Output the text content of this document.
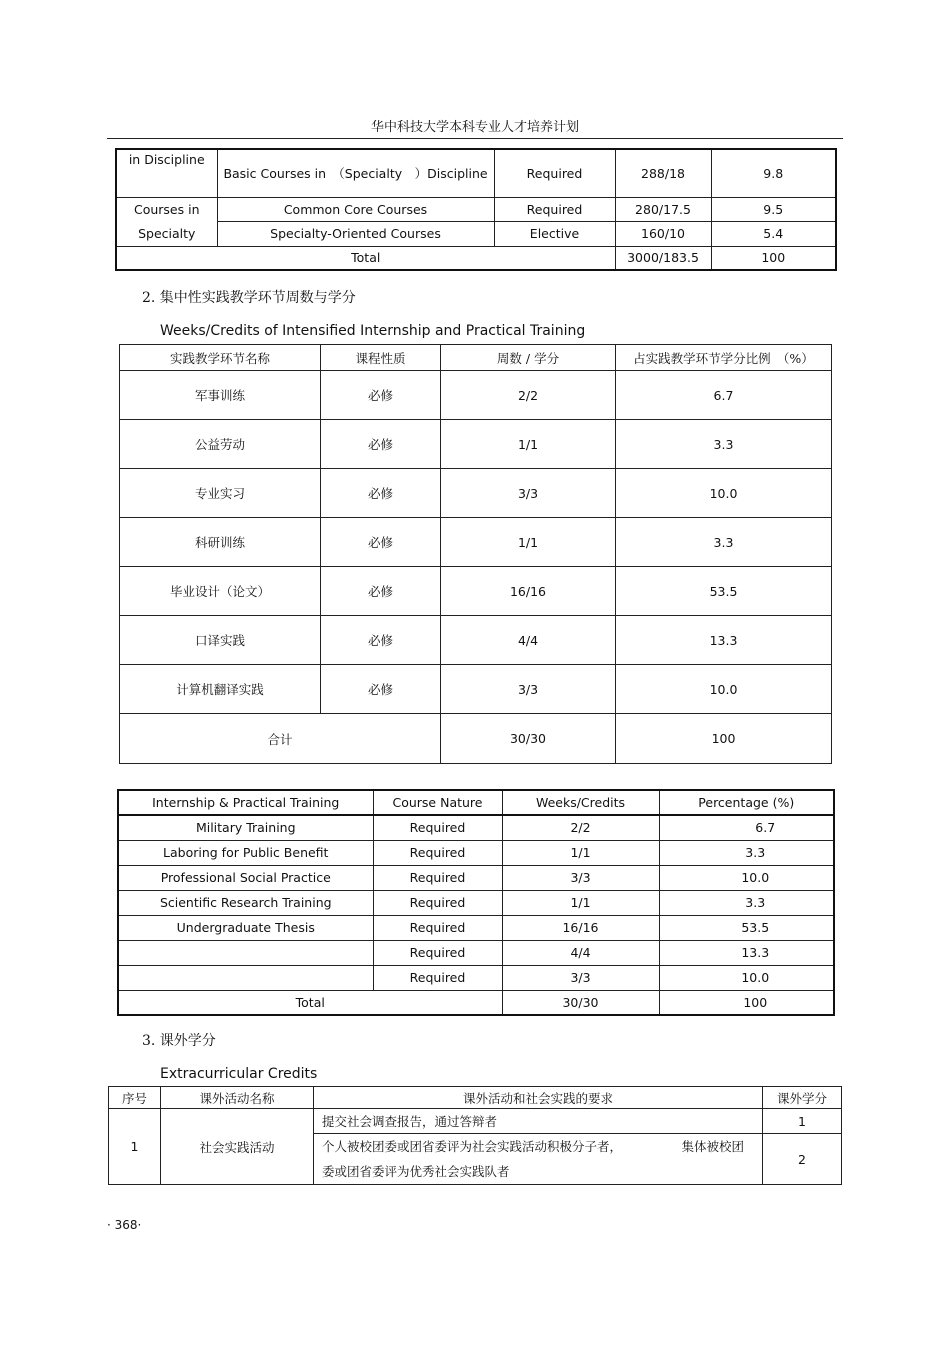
华中科技大学本科专业人才培养计划
in Discipline	Basic Courses in　（Specialty　）Discipline	Required	288/18	9.8
Courses in	Common Core Courses	Required	280/17.5	9.5
Specialty	Specialty-Oriented Courses	Elective	160/10	5.4
Total			3000/183.5	100
2. 集中性实践教学环节周数与学分
Weeks/Credits of Intensified Internship and Practical Training
实践教学环节名称	课程性质	周数 / 学分	占实践教学环节学分比例　（%）
军事训练	必修	2/2	6.7
公益劳动	必修	1/1	3.3
专业实习	必修	3/3	10.0
科研训练	必修	1/1	3.3
毕业设计（论文）	必修	16/16	53.5
口译实践	必修	4/4	13.3
计算机翻译实践	必修	3/3	10.0
合计		30/30	100
Internship & Practical Training	Course Nature	Weeks/Credits	Percentage (%)
Military Training	Required	2/2	6.7
Laboring for Public Benefit	Required	1/1	3.3
Professional Social Practice	Required	3/3	10.0
Scientific Research Training	Required	1/1	3.3
Undergraduate Thesis	Required	16/16	53.5
	Required	4/4	13.3
	Required	3/3	10.0
Total		30/30	100
3. 课外学分
Extracurricular Credits
序号	课外活动名称	课外活动和社会实践的要求	课外学分
1	社会实践活动	提交社会调查报告，通过答辩者	1

		个人被校团委或团省委评为社会实践活动积极分子者， 集体被校团
委或团省委评为优秀社会实践队者	2
· 368·
